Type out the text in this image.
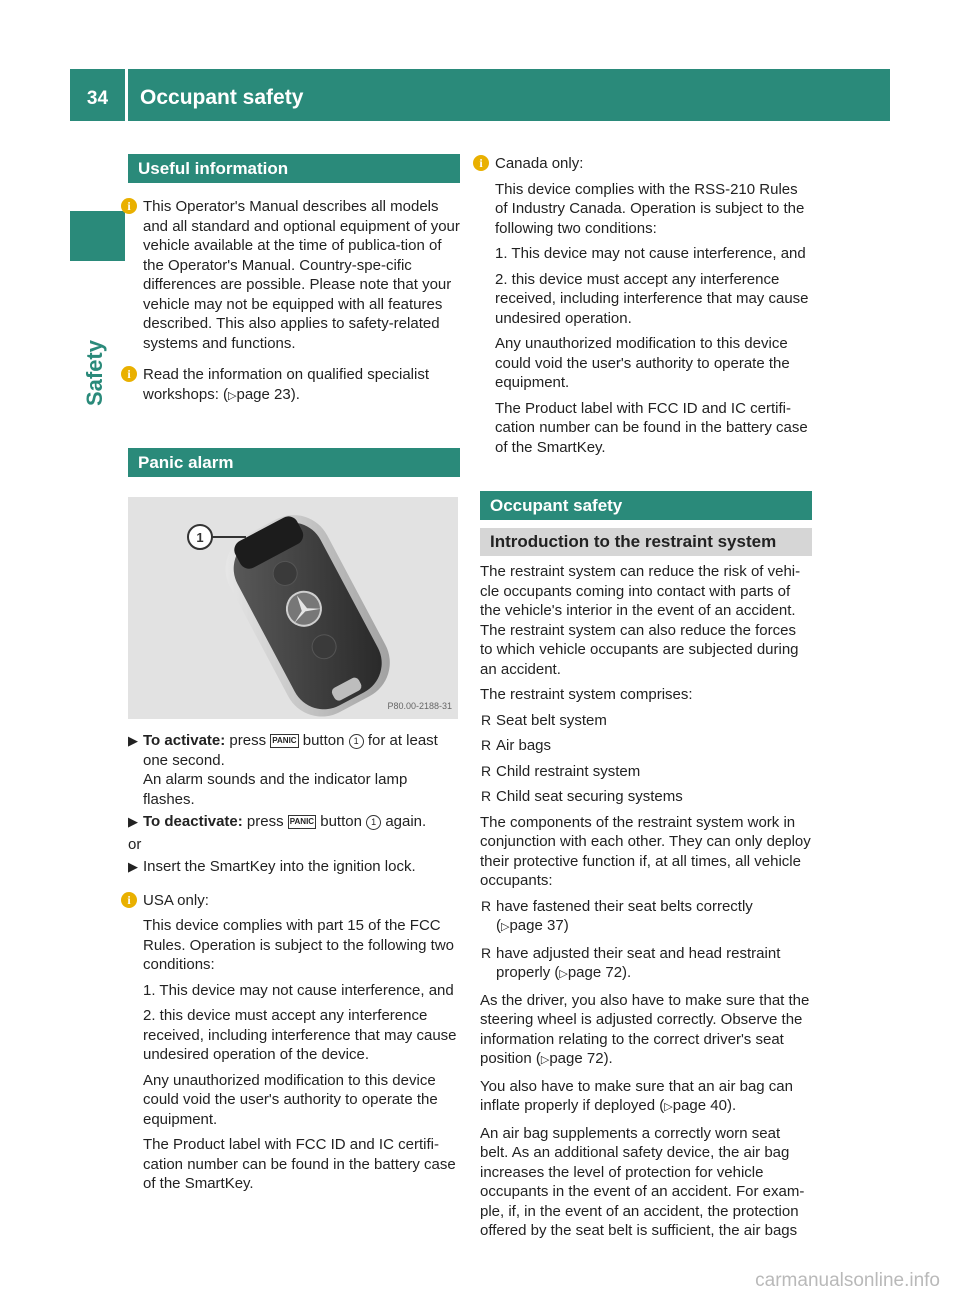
34	Occupant safety
Safety
Useful information
i This Operator's Manual describes all models and all standard and optional equipment of your vehicle available at the time of publica-tion of the Operator's Manual. Country-spe-cific differences are possible. Please note that your vehicle may not be equipped with all features described. This also applies to safety-related systems and functions.
i Read the information on qualified specialist workshops: (▷page 23).
Panic alarm
1
P80.00-2188-31
▶ To activate: press PANIC button 1 for at least one second.
An alarm sounds and the indicator lamp flashes.
▶ To deactivate: press PANIC button 1 again.
or
▶ Insert the SmartKey into the ignition lock.
i USA only:
This device complies with part 15 of the FCC Rules. Operation is subject to the following two conditions:
1. This device may not cause interference, and
2. this device must accept any interference received, including interference that may cause undesired operation of the device.
Any unauthorized modification to this device could void the user's authority to operate the equipment.
The Product label with FCC ID and IC certifi-cation number can be found in the battery case of the SmartKey.
i Canada only:
This device complies with the RSS-210 Rules of Industry Canada. Operation is subject to the following two conditions:
1. This device may not cause interference, and
2. this device must accept any interference received, including interference that may cause undesired operation.
Any unauthorized modification to this device could void the user's authority to operate the equipment.
The Product label with FCC ID and IC certifi-cation number can be found in the battery case of the SmartKey.
Occupant safety
Introduction to the restraint system
The restraint system can reduce the risk of vehi-cle occupants coming into contact with parts of the vehicle's interior in the event of an accident. The restraint system can also reduce the forces to which vehicle occupants are subjected during an accident.
The restraint system comprises:
R Seat belt system
R Air bags
R Child restraint system
R Child seat securing systems
The components of the restraint system work in conjunction with each other. They can only deploy their protective function if, at all times, all vehicle occupants:
R have fastened their seat belts correctly
(▷page 37)
R have adjusted their seat and head restraint properly (▷page 72).
As the driver, you also have to make sure that the steering wheel is adjusted correctly. Observe the information relating to the correct driver's seat position (▷page 72).
You also have to make sure that an air bag can inflate properly if deployed (▷page 40).
An air bag supplements a correctly worn seat belt. As an additional safety device, the air bag increases the level of protection for vehicle occupants in the event of an accident. For exam-ple, if, in the event of an accident, the protection offered by the seat belt is sufficient, the air bags
carmanualsonline.info
